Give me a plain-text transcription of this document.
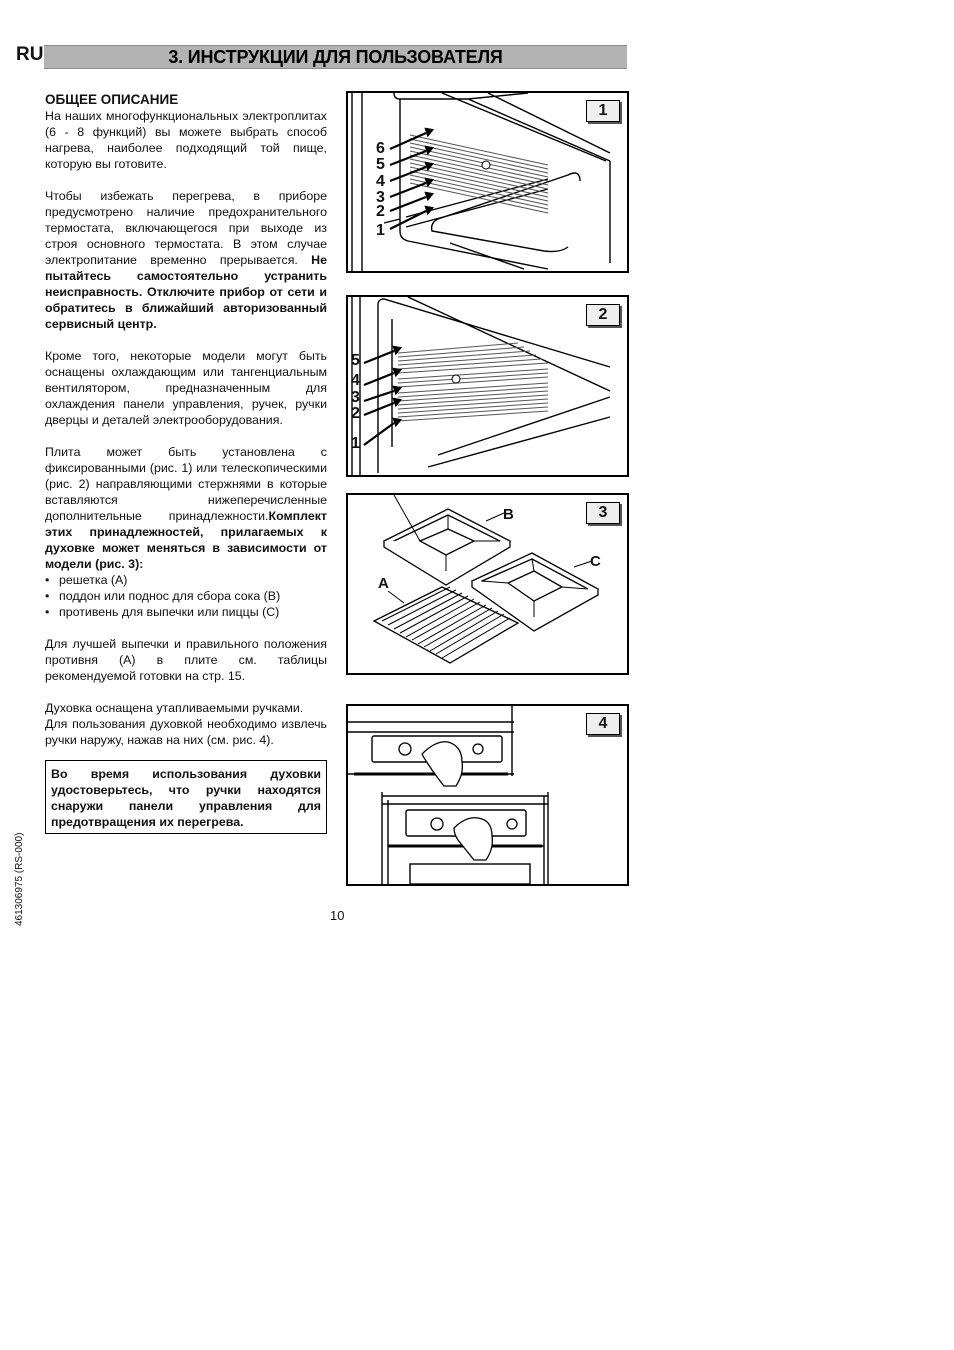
RU	3. ИНСТРУКЦИИ ДЛЯ ПОЛЬЗОВАТЕЛЯ
ОБЩЕЕ ОПИСАНИЕ

На наших многофункциональных электроплитах (6 - 8 функций) вы можете выбрать способ нагрева, наиболее подходящий той пище, которую вы готовите.

Чтобы избежать перегрева, в приборе предусмотрено наличие предохранительного термостата, включающегося при выходе из строя основного термостата. В этом случае электропитание временно прерывается. Не пытайтесь самостоятельно устранить неисправность. Отключите прибор от сети и обратитесь в ближайший авторизованный сервисный центр.

Кроме того, некоторые модели могут быть оснащены охлаждающим или тангенциальным вентилятором, предназначенным для охлаждения панели управления, ручек, ручки дверцы и деталей электрооборудования.

Плита может быть установлена с фиксированными (рис. 1) или телескопическими (рис. 2) направляющими стержнями в которые вставляются нижеперечисленные дополнительные принадлежности.Комплект этих принадлежностей, прилагаемых к духовке может меняться в зависимости от модели (рис. 3):

• решетка (A)
• поддон или поднос для сбора сока (B)
• противень для выпечки или пиццы (C)

Для лучшей выпечки и правильного положения противня (A) в плите см. таблицы рекомендуемой готовки на стр. 15.

Духовка оснащена утапливаемыми ручками.
Для пользования духовкой необходимо извлечь ручки наружу, нажав на них (см. рис. 4).

Во время использования духовки удостоверьтесь, что ручки находятся снаружи панели управления для предотвращения их перегрева.
6
5
4
3
2
1
1
5
4
3
2
1
2
B
C
A
3
4
10
461306975 (RS-000)
